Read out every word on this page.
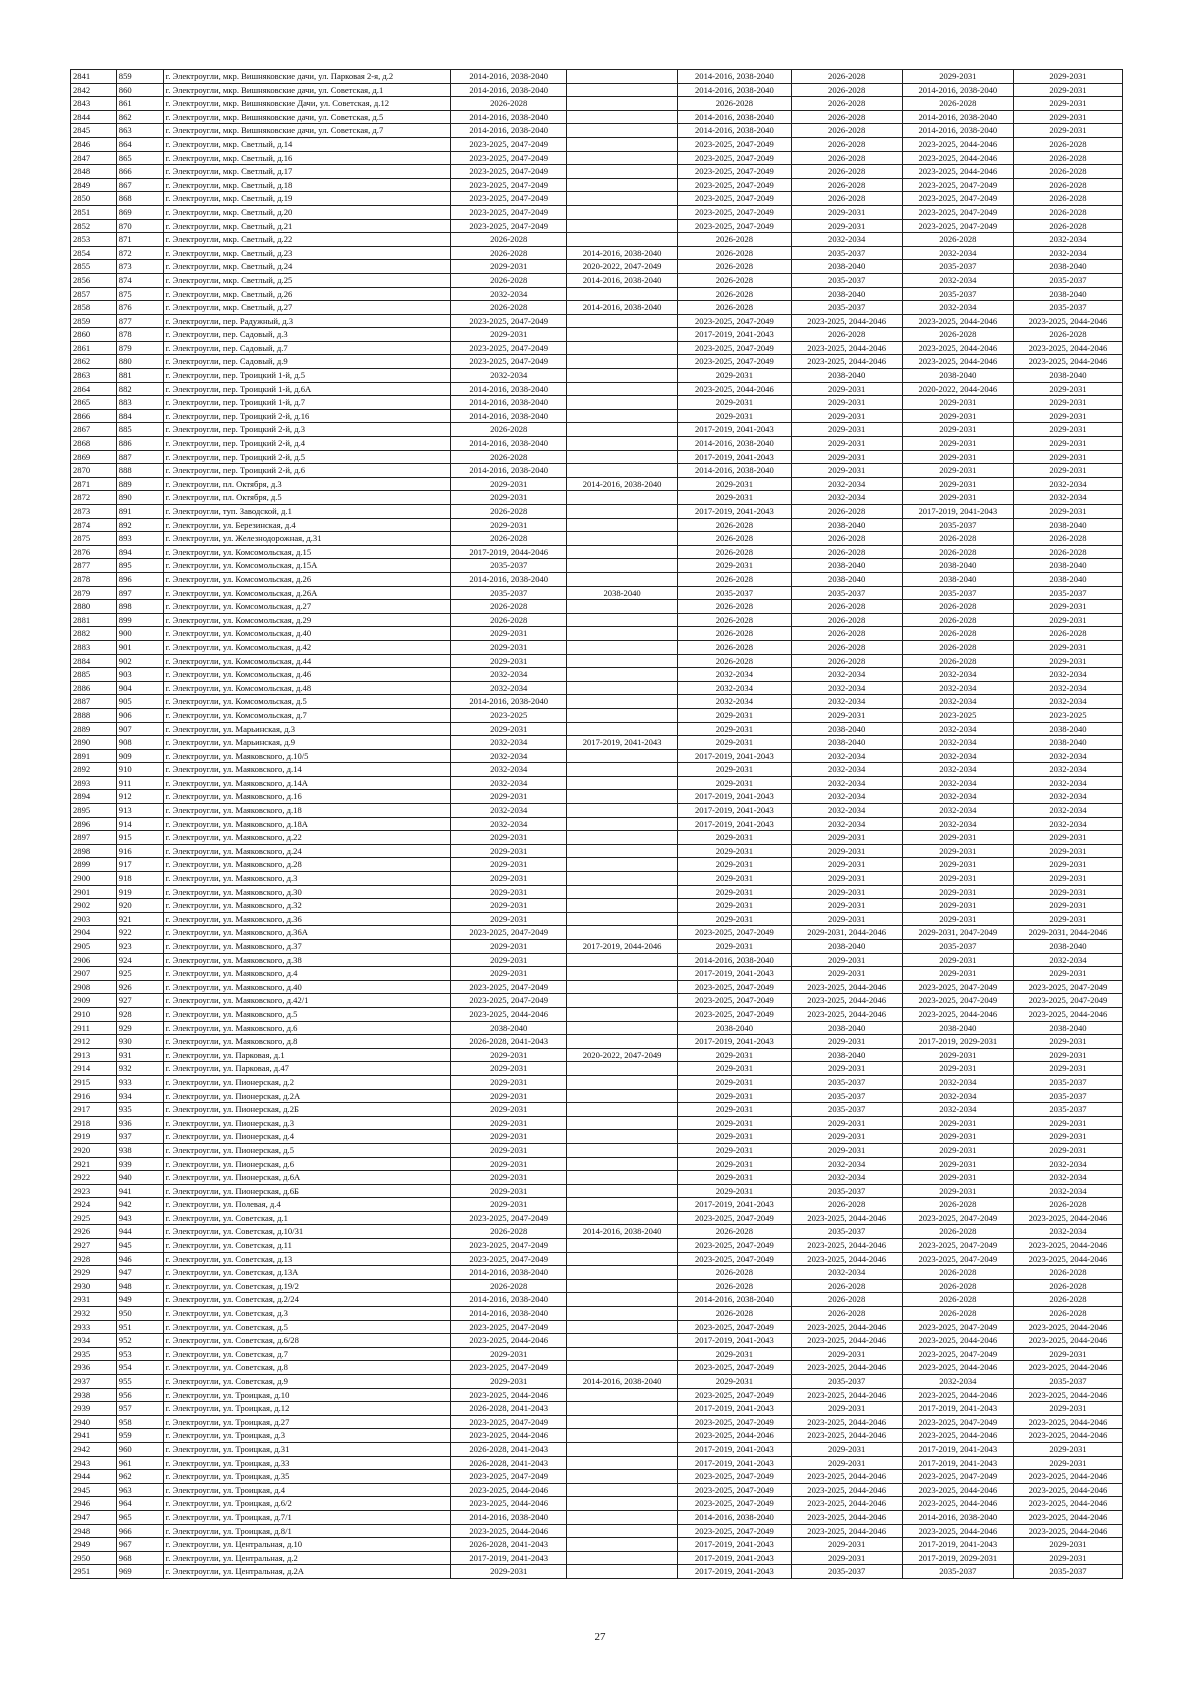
2841	859	г. Электроугли, мкр. Вишняковские дачи, ул. Парковая 2-я, д.2	2014-2016, 2038-2040		2014-2016, 2038-2040	2026-2028	2029-2031	2029-2031
2842	860	г. Электроугли, мкр. Вишняковские дачи, ул. Советская, д.1	2014-2016, 2038-2040		2014-2016, 2038-2040	2026-2028	2014-2016, 2038-2040	2029-2031
2843	861	г. Электроугли, мкр. Вишняковские Дачи, ул. Советская, д.12	2026-2028		2026-2028	2026-2028	2026-2028	2029-2031
2844	862	г. Электроугли, мкр. Вишняковские дачи, ул. Советская, д.5	2014-2016, 2038-2040		2014-2016, 2038-2040	2026-2028	2014-2016, 2038-2040	2029-2031
2845	863	г. Электроугли, мкр. Вишняковские дачи, ул. Советская, д.7	2014-2016, 2038-2040		2014-2016, 2038-2040	2026-2028	2014-2016, 2038-2040	2029-2031
2846	864	г. Электроугли, мкр. Светлый, д.14	2023-2025, 2047-2049		2023-2025, 2047-2049	2026-2028	2023-2025, 2044-2046	2026-2028
2847	865	г. Электроугли, мкр. Светлый, д.16	2023-2025, 2047-2049		2023-2025, 2047-2049	2026-2028	2023-2025, 2044-2046	2026-2028
2848	866	г. Электроугли, мкр. Светлый, д.17	2023-2025, 2047-2049		2023-2025, 2047-2049	2026-2028	2023-2025, 2044-2046	2026-2028
2849	867	г. Электроугли, мкр. Светлый, д.18	2023-2025, 2047-2049		2023-2025, 2047-2049	2026-2028	2023-2025, 2047-2049	2026-2028
2850	868	г. Электроугли, мкр. Светлый, д.19	2023-2025, 2047-2049		2023-2025, 2047-2049	2026-2028	2023-2025, 2047-2049	2026-2028
2851	869	г. Электроугли, мкр. Светлый, д.20	2023-2025, 2047-2049		2023-2025, 2047-2049	2029-2031	2023-2025, 2047-2049	2026-2028
2852	870	г. Электроугли, мкр. Светлый, д.21	2023-2025, 2047-2049		2023-2025, 2047-2049	2029-2031	2023-2025, 2047-2049	2026-2028
2853	871	г. Электроугли, мкр. Светлый, д.22	2026-2028		2026-2028	2032-2034	2026-2028	2032-2034
2854	872	г. Электроугли, мкр. Светлый, д.23	2026-2028	2014-2016, 2038-2040	2026-2028	2035-2037	2032-2034	2032-2034
2855	873	г. Электроугли, мкр. Светлый, д.24	2029-2031	2020-2022, 2047-2049	2026-2028	2038-2040	2035-2037	2038-2040
2856	874	г. Электроугли, мкр. Светлый, д.25	2026-2028	2014-2016, 2038-2040	2026-2028	2035-2037	2032-2034	2035-2037
2857	875	г. Электроугли, мкр. Светлый, д.26	2032-2034		2026-2028	2038-2040	2035-2037	2038-2040
2858	876	г. Электроугли, мкр. Светлый, д.27	2026-2028	2014-2016, 2038-2040	2026-2028	2035-2037	2032-2034	2035-2037
2859	877	г. Электроугли, пер. Радужный, д.3	2023-2025, 2047-2049		2023-2025, 2047-2049	2023-2025, 2044-2046	2023-2025, 2044-2046	2023-2025, 2044-2046
2860	878	г. Электроугли, пер. Садовый, д.3	2029-2031		2017-2019, 2041-2043	2026-2028	2026-2028	2026-2028
2861	879	г. Электроугли, пер. Садовый, д.7	2023-2025, 2047-2049		2023-2025, 2047-2049	2023-2025, 2044-2046	2023-2025, 2044-2046	2023-2025, 2044-2046
2862	880	г. Электроугли, пер. Садовый, д.9	2023-2025, 2047-2049		2023-2025, 2047-2049	2023-2025, 2044-2046	2023-2025, 2044-2046	2023-2025, 2044-2046
2863	881	г. Электроугли, пер. Троицкий 1-й, д.5	2032-2034		2029-2031	2038-2040	2038-2040	2038-2040
2864	882	г. Электроугли, пер. Троицкий 1-й, д.6А	2014-2016, 2038-2040		2023-2025, 2044-2046	2029-2031	2020-2022, 2044-2046	2029-2031
2865	883	г. Электроугли, пер. Троицкий 1-й, д.7	2014-2016, 2038-2040		2029-2031	2029-2031	2029-2031	2029-2031
2866	884	г. Электроугли, пер. Троицкий 2-й, д.16	2014-2016, 2038-2040		2029-2031	2029-2031	2029-2031	2029-2031
2867	885	г. Электроугли, пер. Троицкий 2-й, д.3	2026-2028		2017-2019, 2041-2043	2029-2031	2029-2031	2029-2031
2868	886	г. Электроугли, пер. Троицкий 2-й, д.4	2014-2016, 2038-2040		2014-2016, 2038-2040	2029-2031	2029-2031	2029-2031
2869	887	г. Электроугли, пер. Троицкий 2-й, д.5	2026-2028		2017-2019, 2041-2043	2029-2031	2029-2031	2029-2031
2870	888	г. Электроугли, пер. Троицкий 2-й, д.6	2014-2016, 2038-2040		2014-2016, 2038-2040	2029-2031	2029-2031	2029-2031
2871	889	г. Электроугли, пл. Октября, д.3	2029-2031	2014-2016, 2038-2040	2029-2031	2032-2034	2029-2031	2032-2034
2872	890	г. Электроугли, пл. Октября, д.5	2029-2031		2029-2031	2032-2034	2029-2031	2032-2034
2873	891	г. Электроугли, туп. Заводской, д.1	2026-2028		2017-2019, 2041-2043	2026-2028	2017-2019, 2041-2043	2029-2031
2874	892	г. Электроугли, ул. Березинская, д.4	2029-2031		2026-2028	2038-2040	2035-2037	2038-2040
2875	893	г. Электроугли, ул. Железнодорожная, д.31	2026-2028		2026-2028	2026-2028	2026-2028	2026-2028
2876	894	г. Электроугли, ул. Комсомольская, д.15	2017-2019, 2044-2046		2026-2028	2026-2028	2026-2028	2026-2028
2877	895	г. Электроугли, ул. Комсомольская, д.15А	2035-2037		2029-2031	2038-2040	2038-2040	2038-2040
2878	896	г. Электроугли, ул. Комсомольская, д.26	2014-2016, 2038-2040		2026-2028	2038-2040	2038-2040	2038-2040
2879	897	г. Электроугли, ул. Комсомольская, д.26А	2035-2037	2038-2040	2035-2037	2035-2037	2035-2037	2035-2037
2880	898	г. Электроугли, ул. Комсомольская, д.27	2026-2028		2026-2028	2026-2028	2026-2028	2029-2031
2881	899	г. Электроугли, ул. Комсомольская, д.29	2026-2028		2026-2028	2026-2028	2026-2028	2029-2031
2882	900	г. Электроугли, ул. Комсомольская, д.40	2029-2031		2026-2028	2026-2028	2026-2028	2026-2028
2883	901	г. Электроугли, ул. Комсомольская, д.42	2029-2031		2026-2028	2026-2028	2026-2028	2029-2031
2884	902	г. Электроугли, ул. Комсомольская, д.44	2029-2031		2026-2028	2026-2028	2026-2028	2029-2031
2885	903	г. Электроугли, ул. Комсомольская, д.46	2032-2034		2032-2034	2032-2034	2032-2034	2032-2034
2886	904	г. Электроугли, ул. Комсомольская, д.48	2032-2034		2032-2034	2032-2034	2032-2034	2032-2034
2887	905	г. Электроугли, ул. Комсомольская, д.5	2014-2016, 2038-2040		2032-2034	2032-2034	2032-2034	2032-2034
2888	906	г. Электроугли, ул. Комсомольская, д.7	2023-2025		2029-2031	2029-2031	2023-2025	2023-2025
2889	907	г. Электроугли, ул. Марьинская, д.3	2029-2031		2029-2031	2038-2040	2032-2034	2038-2040
2890	908	г. Электроугли, ул. Марьинская, д.9	2032-2034	2017-2019, 2041-2043	2029-2031	2038-2040	2032-2034	2038-2040
2891	909	г. Электроугли, ул. Маяковского, д.10/5	2032-2034		2017-2019, 2041-2043	2032-2034	2032-2034	2032-2034
2892	910	г. Электроугли, ул. Маяковского, д.14	2032-2034		2029-2031	2032-2034	2032-2034	2032-2034
2893	911	г. Электроугли, ул. Маяковского, д.14А	2032-2034		2029-2031	2032-2034	2032-2034	2032-2034
2894	912	г. Электроугли, ул. Маяковского, д.16	2029-2031		2017-2019, 2041-2043	2032-2034	2032-2034	2032-2034
2895	913	г. Электроугли, ул. Маяковского, д.18	2032-2034		2017-2019, 2041-2043	2032-2034	2032-2034	2032-2034
2896	914	г. Электроугли, ул. Маяковского, д.18А	2032-2034		2017-2019, 2041-2043	2032-2034	2032-2034	2032-2034
2897	915	г. Электроугли, ул. Маяковского, д.22	2029-2031		2029-2031	2029-2031	2029-2031	2029-2031
2898	916	г. Электроугли, ул. Маяковского, д.24	2029-2031		2029-2031	2029-2031	2029-2031	2029-2031
2899	917	г. Электроугли, ул. Маяковского, д.28	2029-2031		2029-2031	2029-2031	2029-2031	2029-2031
2900	918	г. Электроугли, ул. Маяковского, д.3	2029-2031		2029-2031	2029-2031	2029-2031	2029-2031
2901	919	г. Электроугли, ул. Маяковского, д.30	2029-2031		2029-2031	2029-2031	2029-2031	2029-2031
2902	920	г. Электроугли, ул. Маяковского, д.32	2029-2031		2029-2031	2029-2031	2029-2031	2029-2031
2903	921	г. Электроугли, ул. Маяковского, д.36	2029-2031		2029-2031	2029-2031	2029-2031	2029-2031
2904	922	г. Электроугли, ул. Маяковского, д.36А	2023-2025, 2047-2049		2023-2025, 2047-2049	2029-2031, 2044-2046	2029-2031, 2047-2049	2029-2031, 2044-2046
2905	923	г. Электроугли, ул. Маяковского, д.37	2029-2031	2017-2019, 2044-2046	2029-2031	2038-2040	2035-2037	2038-2040
2906	924	г. Электроугли, ул. Маяковского, д.38	2029-2031		2014-2016, 2038-2040	2029-2031	2029-2031	2032-2034
2907	925	г. Электроугли, ул. Маяковского, д.4	2029-2031		2017-2019, 2041-2043	2029-2031	2029-2031	2029-2031
2908	926	г. Электроугли, ул. Маяковского, д.40	2023-2025, 2047-2049		2023-2025, 2047-2049	2023-2025, 2044-2046	2023-2025, 2047-2049	2023-2025, 2047-2049
2909	927	г. Электроугли, ул. Маяковского, д.42/1	2023-2025, 2047-2049		2023-2025, 2047-2049	2023-2025, 2044-2046	2023-2025, 2047-2049	2023-2025, 2047-2049
2910	928	г. Электроугли, ул. Маяковского, д.5	2023-2025, 2044-2046		2023-2025, 2047-2049	2023-2025, 2044-2046	2023-2025, 2044-2046	2023-2025, 2044-2046
2911	929	г. Электроугли, ул. Маяковского, д.6	2038-2040		2038-2040	2038-2040	2038-2040	2038-2040
2912	930	г. Электроугли, ул. Маяковского, д.8	2026-2028, 2041-2043		2017-2019, 2041-2043	2029-2031	2017-2019, 2029-2031	2029-2031
2913	931	г. Электроугли, ул. Парковая, д.1	2029-2031	2020-2022, 2047-2049	2029-2031	2038-2040	2029-2031	2029-2031
2914	932	г. Электроугли, ул. Парковая, д.47	2029-2031		2029-2031	2029-2031	2029-2031	2029-2031
2915	933	г. Электроугли, ул. Пионерская, д.2	2029-2031		2029-2031	2035-2037	2032-2034	2035-2037
2916	934	г. Электроугли, ул. Пионерская, д.2А	2029-2031		2029-2031	2035-2037	2032-2034	2035-2037
2917	935	г. Электроугли, ул. Пионерская, д.2Б	2029-2031		2029-2031	2035-2037	2032-2034	2035-2037
2918	936	г. Электроугли, ул. Пионерская, д.3	2029-2031		2029-2031	2029-2031	2029-2031	2029-2031
2919	937	г. Электроугли, ул. Пионерская, д.4	2029-2031		2029-2031	2029-2031	2029-2031	2029-2031
2920	938	г. Электроугли, ул. Пионерская, д.5	2029-2031		2029-2031	2029-2031	2029-2031	2029-2031
2921	939	г. Электроугли, ул. Пионерская, д.6	2029-2031		2029-2031	2032-2034	2029-2031	2032-2034
2922	940	г. Электроугли, ул. Пионерская, д.6А	2029-2031		2029-2031	2032-2034	2029-2031	2032-2034
2923	941	г. Электроугли, ул. Пионерская, д.6Б	2029-2031		2029-2031	2035-2037	2029-2031	2032-2034
2924	942	г. Электроугли, ул. Полевая, д.4	2029-2031		2017-2019, 2041-2043	2026-2028	2026-2028	2026-2028
2925	943	г. Электроугли, ул. Советская, д.1	2023-2025, 2047-2049		2023-2025, 2047-2049	2023-2025, 2044-2046	2023-2025, 2047-2049	2023-2025, 2044-2046
2926	944	г. Электроугли, ул. Советская, д.10/31	2026-2028	2014-2016, 2038-2040	2026-2028	2035-2037	2026-2028	2032-2034
2927	945	г. Электроугли, ул. Советская, д.11	2023-2025, 2047-2049		2023-2025, 2047-2049	2023-2025, 2044-2046	2023-2025, 2047-2049	2023-2025, 2044-2046
2928	946	г. Электроугли, ул. Советская, д.13	2023-2025, 2047-2049		2023-2025, 2047-2049	2023-2025, 2044-2046	2023-2025, 2047-2049	2023-2025, 2044-2046
2929	947	г. Электроугли, ул. Советская, д.13А	2014-2016, 2038-2040		2026-2028	2032-2034	2026-2028	2026-2028
2930	948	г. Электроугли, ул. Советская, д.19/2	2026-2028		2026-2028	2026-2028	2026-2028	2026-2028
2931	949	г. Электроугли, ул. Советская, д.2/24	2014-2016, 2038-2040		2014-2016, 2038-2040	2026-2028	2026-2028	2026-2028
2932	950	г. Электроугли, ул. Советская, д.3	2014-2016, 2038-2040		2026-2028	2026-2028	2026-2028	2026-2028
2933	951	г. Электроугли, ул. Советская, д.5	2023-2025, 2047-2049		2023-2025, 2047-2049	2023-2025, 2044-2046	2023-2025, 2047-2049	2023-2025, 2044-2046
2934	952	г. Электроугли, ул. Советская, д.6/28	2023-2025, 2044-2046		2017-2019, 2041-2043	2023-2025, 2044-2046	2023-2025, 2044-2046	2023-2025, 2044-2046
2935	953	г. Электроугли, ул. Советская, д.7	2029-2031		2029-2031	2029-2031	2023-2025, 2047-2049	2029-2031
2936	954	г. Электроугли, ул. Советская, д.8	2023-2025, 2047-2049		2023-2025, 2047-2049	2023-2025, 2044-2046	2023-2025, 2044-2046	2023-2025, 2044-2046
2937	955	г. Электроугли, ул. Советская, д.9	2029-2031	2014-2016, 2038-2040	2029-2031	2035-2037	2032-2034	2035-2037
2938	956	г. Электроугли, ул. Троицкая, д.10	2023-2025, 2044-2046		2023-2025, 2047-2049	2023-2025, 2044-2046	2023-2025, 2044-2046	2023-2025, 2044-2046
2939	957	г. Электроугли, ул. Троицкая, д.12	2026-2028, 2041-2043		2017-2019, 2041-2043	2029-2031	2017-2019, 2041-2043	2029-2031
2940	958	г. Электроугли, ул. Троицкая, д.27	2023-2025, 2047-2049		2023-2025, 2047-2049	2023-2025, 2044-2046	2023-2025, 2047-2049	2023-2025, 2044-2046
2941	959	г. Электроугли, ул. Троицкая, д.3	2023-2025, 2044-2046		2023-2025, 2044-2046	2023-2025, 2044-2046	2023-2025, 2044-2046	2023-2025, 2044-2046
2942	960	г. Электроугли, ул. Троицкая, д.31	2026-2028, 2041-2043		2017-2019, 2041-2043	2029-2031	2017-2019, 2041-2043	2029-2031
2943	961	г. Электроугли, ул. Троицкая, д.33	2026-2028, 2041-2043		2017-2019, 2041-2043	2029-2031	2017-2019, 2041-2043	2029-2031
2944	962	г. Электроугли, ул. Троицкая, д.35	2023-2025, 2047-2049		2023-2025, 2047-2049	2023-2025, 2044-2046	2023-2025, 2047-2049	2023-2025, 2044-2046
2945	963	г. Электроугли, ул. Троицкая, д.4	2023-2025, 2044-2046		2023-2025, 2047-2049	2023-2025, 2044-2046	2023-2025, 2044-2046	2023-2025, 2044-2046
2946	964	г. Электроугли, ул. Троицкая, д.6/2	2023-2025, 2044-2046		2023-2025, 2047-2049	2023-2025, 2044-2046	2023-2025, 2044-2046	2023-2025, 2044-2046
2947	965	г. Электроугли, ул. Троицкая, д.7/1	2014-2016, 2038-2040		2014-2016, 2038-2040	2023-2025, 2044-2046	2014-2016, 2038-2040	2023-2025, 2044-2046
2948	966	г. Электроугли, ул. Троицкая, д.8/1	2023-2025, 2044-2046		2023-2025, 2047-2049	2023-2025, 2044-2046	2023-2025, 2044-2046	2023-2025, 2044-2046
2949	967	г. Электроугли, ул. Центральная, д.10	2026-2028, 2041-2043		2017-2019, 2041-2043	2029-2031	2017-2019, 2041-2043	2029-2031
2950	968	г. Электроугли, ул. Центральная, д.2	2017-2019, 2041-2043		2017-2019, 2041-2043	2029-2031	2017-2019, 2029-2031	2029-2031
2951	969	г. Электроугли, ул. Центральная, д.2А	2029-2031		2017-2019, 2041-2043	2035-2037	2035-2037	2035-2037
27
